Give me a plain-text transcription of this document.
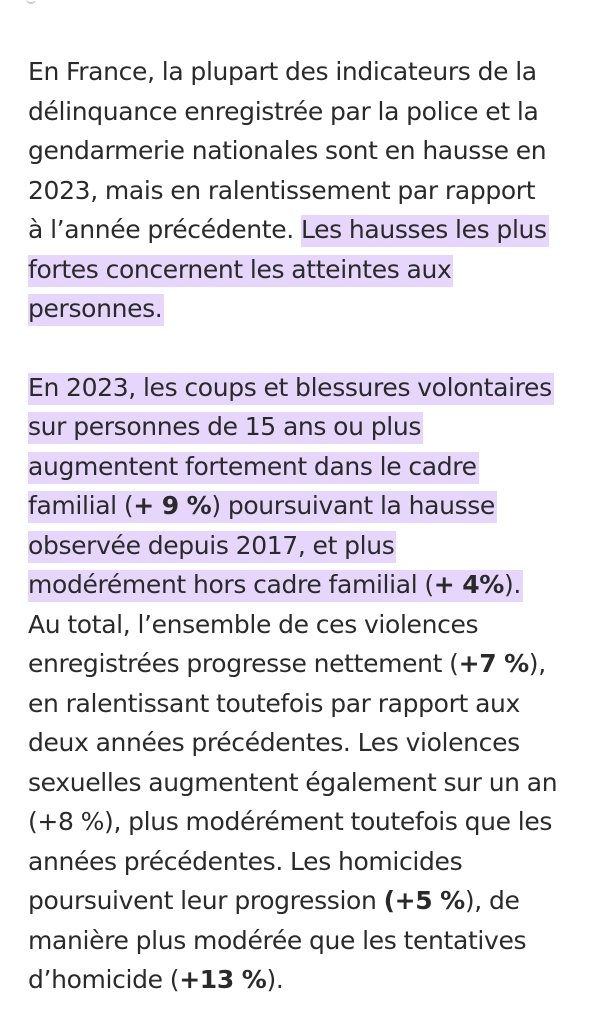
En France, la plupart des indicateurs de la
délinquance enregistrée par la police et la
gendarmerie nationales sont en hausse en
2023, mais en ralentissement par rapport
à l’année précédente. Les hausses les plus
fortes concernent les atteintes aux
personnes.

En 2023, les coups et blessures volontaires
sur personnes de 15 ans ou plus
augmentent fortement dans le cadre
familial (+ 9 %) poursuivant la hausse
observée depuis 2017, et plus
modérément hors cadre familial (+ 4%).
Au total, l’ensemble de ces violences
enregistrées progresse nettement (+7 %),
en ralentissant toutefois par rapport aux
deux années précédentes. Les violences
sexuelles augmentent également sur un an
(+8 %), plus modérément toutefois que les
années précédentes. Les homicides
poursuivent leur progression (+5 %), de
manière plus modérée que les tentatives
d’homicide (+13 %).
